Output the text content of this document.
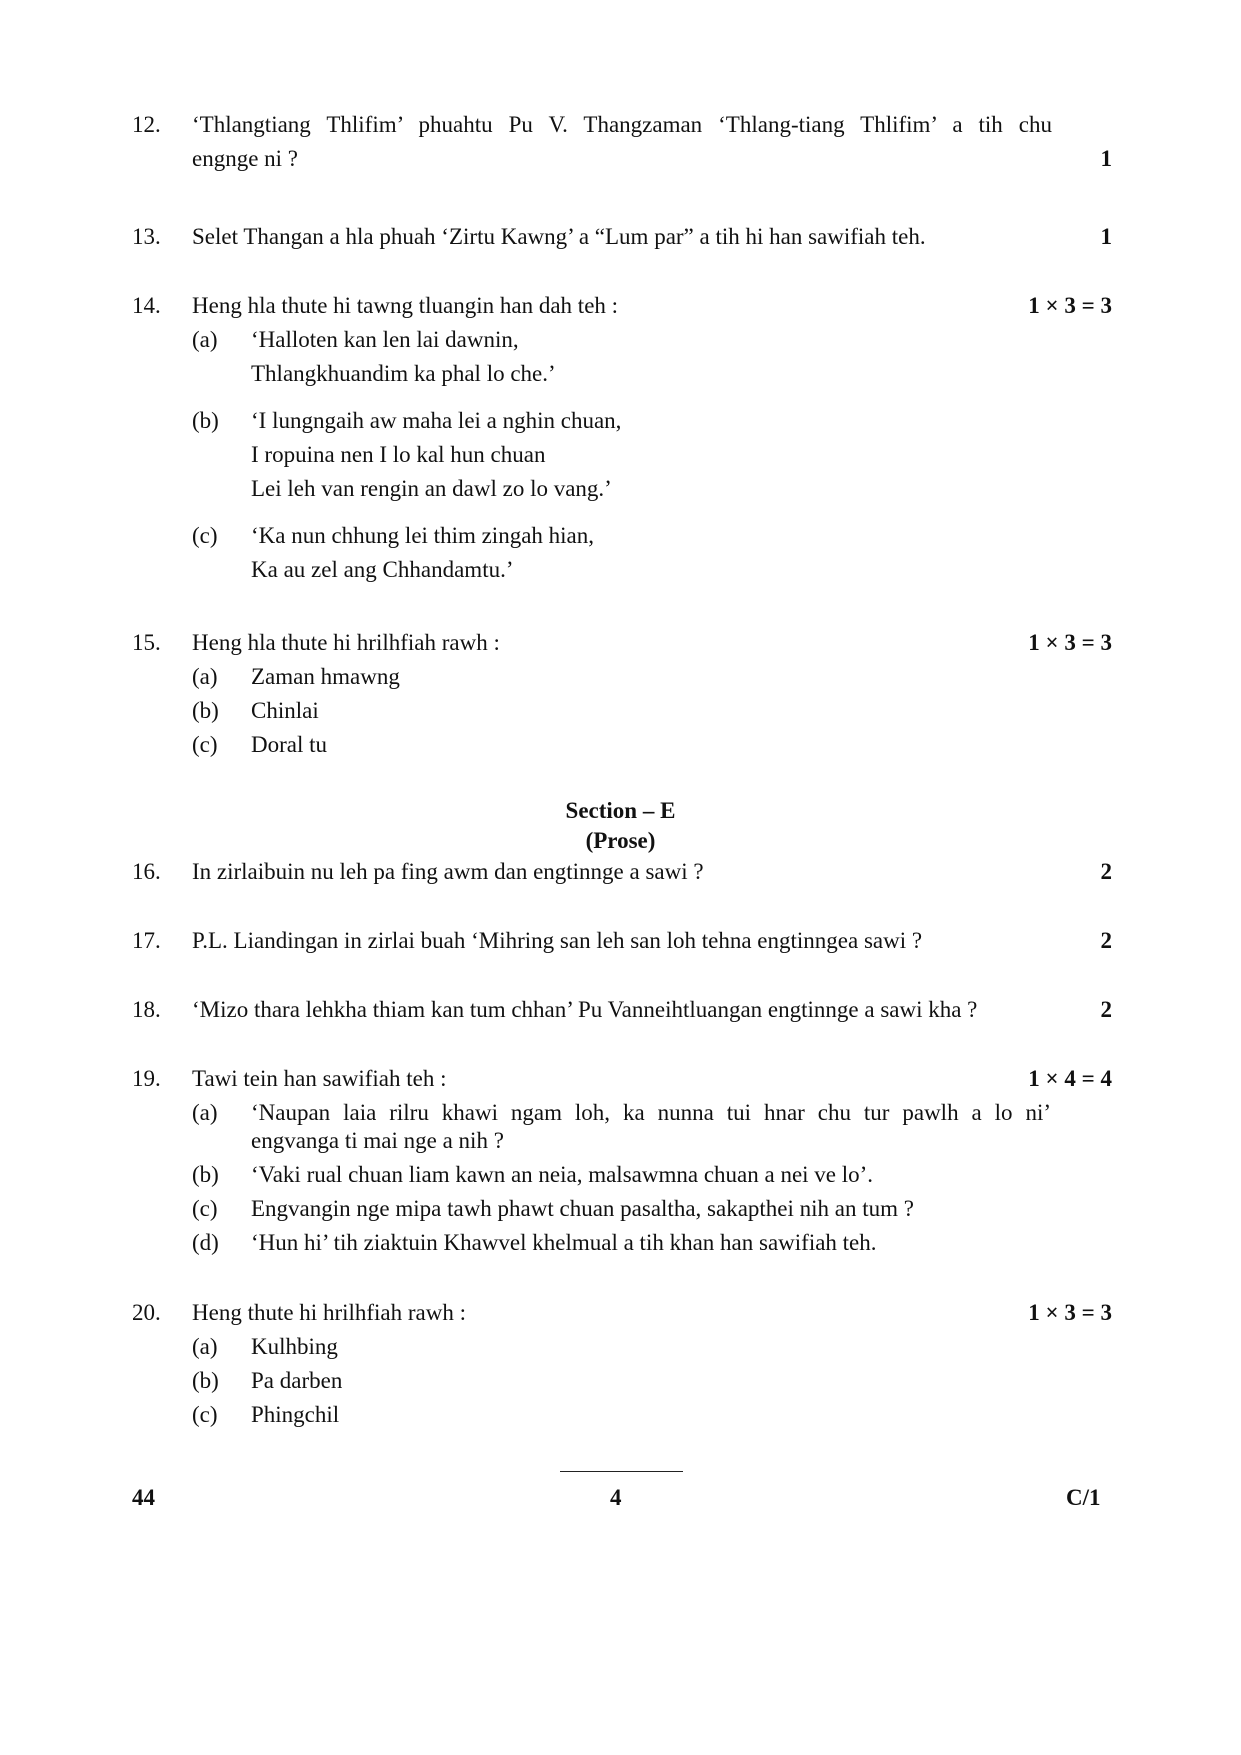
12.	‘Thlangtiang Thlifim’ phuahtu Pu V. Thangzaman ‘Thlang-tiang Thlifim’ a tih chu
engnge ni ?	1
13.	Selet Thangan a hla phuah ‘Zirtu Kawng’ a “Lum par” a tih hi han sawifiah teh.	1
14.	Heng hla thute hi tawng tluangin han dah teh :	1 × 3 = 3
(a)	‘Halloten kan len lai dawnin,
Thlangkhuandim ka phal lo che.’
(b)	‘I lungngaih aw maha lei a nghin chuan,
I ropuina nen I lo kal hun chuan
Lei leh van rengin an dawl zo lo vang.’
(c)	‘Ka nun chhung lei thim zingah hian,
Ka au zel ang Chhandamtu.’
15.	Heng hla thute hi hrilhfiah rawh :	1 × 3 = 3
(a)	Zaman hmawng
(b)	Chinlai
(c)	Doral tu
Section – E
(Prose)
16.	In zirlaibuin nu leh pa fing awm dan engtinnge a sawi ?	2
17.	P.L. Liandingan in zirlai buah ‘Mihring san leh san loh tehna engtinngea sawi ?	2
18.	‘Mizo thara lehkha thiam kan tum chhan’ Pu Vanneihtluangan engtinnge a sawi kha ?	2
19.	Tawi tein han sawifiah teh :	1 × 4 = 4
(a)	‘Naupan laia rilru khawi ngam loh, ka nunna tui hnar chu tur pawlh a lo ni’
engvanga ti mai nge a nih ?
(b)	‘Vaki rual chuan liam kawn an neia, malsawmna chuan a nei ve lo’.
(c)	Engvangin nge mipa tawh phawt chuan pasaltha, sakapthei nih an tum ?
(d)	‘Hun hi’ tih ziaktuin Khawvel khelmual a tih khan han sawifiah teh.
20.	Heng thute hi hrilhfiah rawh :	1 × 3 = 3
(a)	Kulhbing
(b)	Pa darben
(c)	Phingchil
44	4	C/1
